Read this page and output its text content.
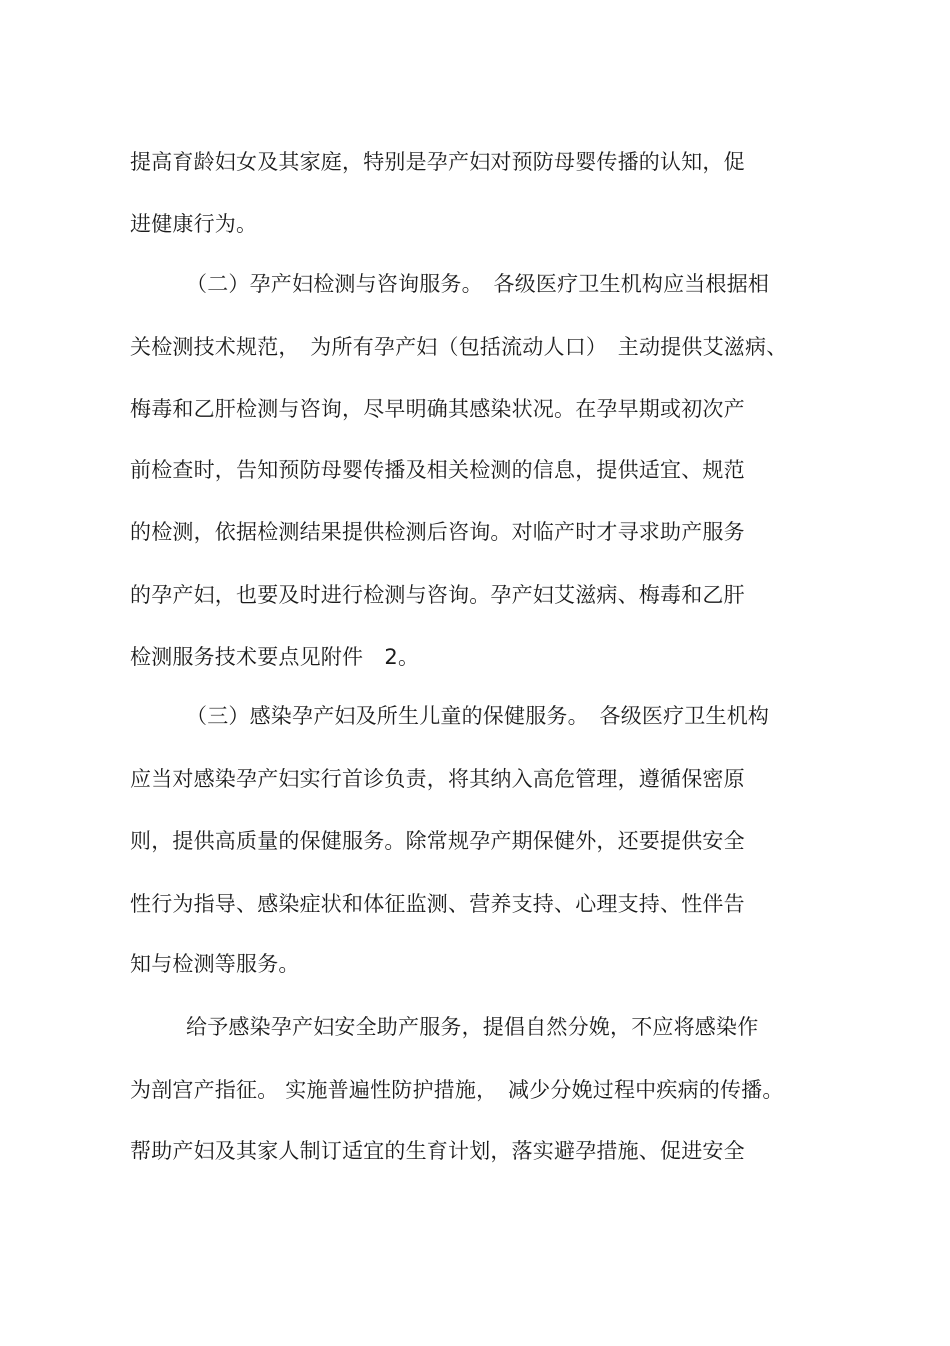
提高育龄妇女及其家庭，特别是孕产妇对预防母婴传播的认知，促
进健康行为。
（二）孕产妇检测与咨询服务。　各级医疗卫生机构应当根据相
关检测技术规范，　为所有孕产妇（包括流动人口）　主动提供艾滋病、
梅毒和乙肝检测与咨询，尽早明确其感染状况。在孕早期或初次产
前检查时，告知预防母婴传播及相关检测的信息，提供适宜、规范
的检测，依据检测结果提供检测后咨询。对临产时才寻求助产服务
的孕产妇，也要及时进行检测与咨询。孕产妇艾滋病、梅毒和乙肝
检测服务技术要点见附件　2。
（三）感染孕产妇及所生儿童的保健服务。　各级医疗卫生机构
应当对感染孕产妇实行首诊负责，将其纳入高危管理，遵循保密原
则，提供高质量的保健服务。除常规孕产期保健外，还要提供安全
性行为指导、感染症状和体征监测、营养支持、心理支持、性伴告
知与检测等服务。
给予感染孕产妇安全助产服务，提倡自然分娩，不应将感染作
为剖宫产指征。 实施普遍性防护措施，　减少分娩过程中疾病的传播。
帮助产妇及其家人制订适宜的生育计划，落实避孕措施、促进安全
